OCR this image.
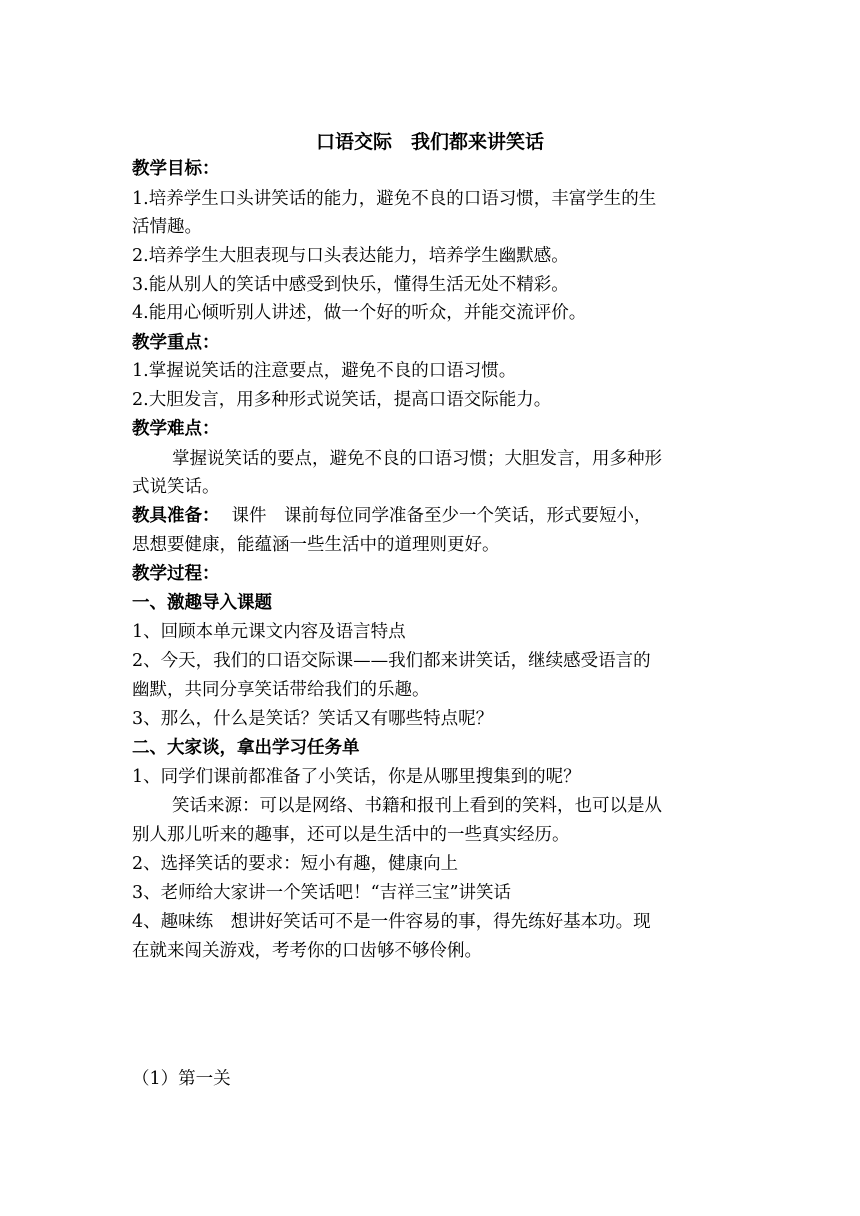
口语交际　我们都来讲笑话
教学目标：
1.培养学生口头讲笑话的能力，避免不良的口语习惯，丰富学生的生
活情趣。
2.培养学生大胆表现与口头表达能力，培养学生幽默感。
3.能从别人的笑话中感受到快乐，懂得生活无处不精彩。
4.能用心倾听别人讲述，做一个好的听众，并能交流评价。
教学重点：
1.掌握说笑话的注意要点，避免不良的口语习惯。
2.大胆发言，用多种形式说笑话，提高口语交际能力。
教学难点：
掌握说笑话的要点，避免不良的口语习惯；大胆发言，用多种形
式说笑话。
教具准备： 课件　课前每位同学准备至少一个笑话，形式要短小，
思想要健康，能蕴涵一些生活中的道理则更好。
教学过程：
一、激趣导入课题
1、回顾本单元课文内容及语言特点
2、今天，我们的口语交际课——我们都来讲笑话，继续感受语言的
幽默，共同分享笑话带给我们的乐趣。
3、那么，什么是笑话？笑话又有哪些特点呢？
二、大家谈，拿出学习任务单
1、同学们课前都准备了小笑话，你是从哪里搜集到的呢？
笑话来源：可以是网络、书籍和报刊上看到的笑料，也可以是从
别人那儿听来的趣事，还可以是生活中的一些真实经历。
2、选择笑话的要求：短小有趣，健康向上
3、老师给大家讲一个笑话吧！“吉祥三宝”讲笑话
4、趣味练　想讲好笑话可不是一件容易的事，得先练好基本功。现
在就来闯关游戏，考考你的口齿够不够伶俐。
（1）第一关
